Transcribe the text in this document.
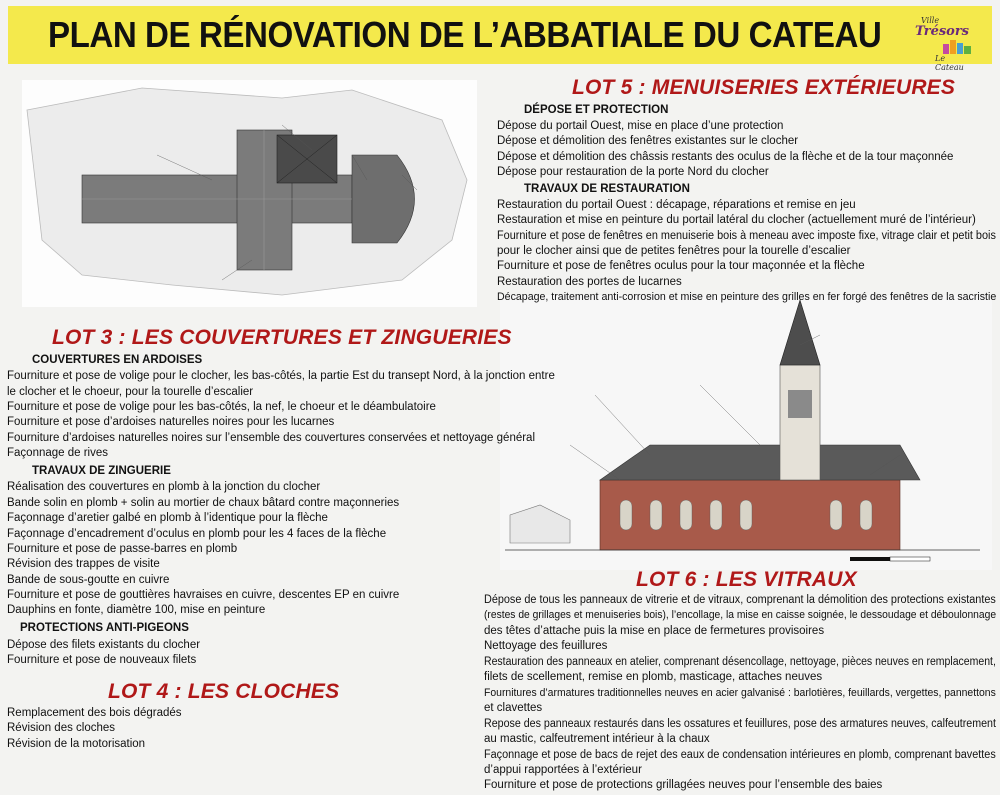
PLAN DE RÉNOVATION DE L’ABBATIALE DU CATEAU	Ville
Trésors
Le Cateau
LOT 5 : MENUISERIES EXTÉRIEURES
DÉPOSE ET PROTECTION
Dépose du portail Ouest, mise en place d’une protection
Dépose et démolition des fenêtres existantes sur le clocher
Dépose et démolition des châssis restants des oculus de la flèche et de la tour maçonnée
Dépose pour restauration de la porte Nord du clocher
TRAVAUX DE RESTAURATION
Restauration du portail Ouest : décapage, réparations et remise en jeu
Restauration et mise en peinture du portail latéral du clocher (actuellement muré de l’intérieur)
Fourniture et pose de fenêtres en menuiserie bois à meneau avec imposte fixe, vitrage clair et petit bois
pour le clocher ainsi que de petites fenêtres pour la tourelle d’escalier
Fourniture et pose de fenêtres oculus pour la tour maçonnée et la flèche
Restauration des portes de lucarnes
Décapage, traitement anti-corrosion et mise en peinture des grilles en fer forgé des fenêtres de la sacristie
LOT 3 : LES COUVERTURES ET ZINGUERIES
COUVERTURES EN ARDOISES
Fourniture et pose de volige pour le clocher, les bas-côtés, la partie Est du transept Nord, à la jonction entre
le clocher et le choeur, pour la tourelle d’escalier
Fourniture et pose de volige pour les bas-côtés, la nef, le choeur et le déambulatoire
Fourniture et pose d’ardoises naturelles noires pour les lucarnes
Fourniture d’ardoises naturelles noires sur l’ensemble des couvertures conservées et nettoyage général
Façonnage de rives
TRAVAUX DE ZINGUERIE
Réalisation des couvertures en plomb à la jonction du clocher
Bande solin en plomb + solin au mortier de chaux bâtard contre maçonneries
Façonnage d’aretier galbé en plomb à l’identique pour la flèche
Façonnage d’encadrement d’oculus en plomb pour les 4 faces de la flèche
Fourniture et pose de passe-barres en plomb
Révision des trappes de visite
Bande de sous-goutte en cuivre
Fourniture et pose de gouttières havraises en cuivre, descentes EP en cuivre
Dauphins en fonte, diamètre 100, mise en peinture
PROTECTIONS ANTI-PIGEONS
Dépose des filets existants du clocher
Fourniture et pose de nouveaux filets
LOT 4 : LES CLOCHES
Remplacement des bois dégradés
Révision des cloches
Révision de la motorisation
LOT 6 : LES VITRAUX
Dépose de tous les panneaux de vitrerie et de vitraux, comprenant la démolition des protections existantes
(restes de grillages et menuiseries bois), l’encollage, la mise en caisse soignée, le dessoudage et déboulonnage
des têtes d’attache puis la mise en place de fermetures provisoires
Nettoyage des feuillures
Restauration des panneaux en atelier, comprenant désencollage, nettoyage, pièces neuves en remplacement,
filets de scellement, remise en plomb, masticage, attaches neuves
Fournitures d’armatures traditionnelles neuves en acier galvanisé : barlotières, feuillards, vergettes, pannettons
et clavettes
Repose des panneaux restaurés dans les ossatures et feuillures, pose des armatures neuves, calfeutrement
au mastic, calfeutrement intérieur à la chaux
Façonnage et pose de bacs de rejet des eaux de condensation intérieures en plomb, comprenant bavettes
d’appui rapportées à l’extérieur
Fourniture et pose de protections grillagées neuves pour l’ensemble des baies
